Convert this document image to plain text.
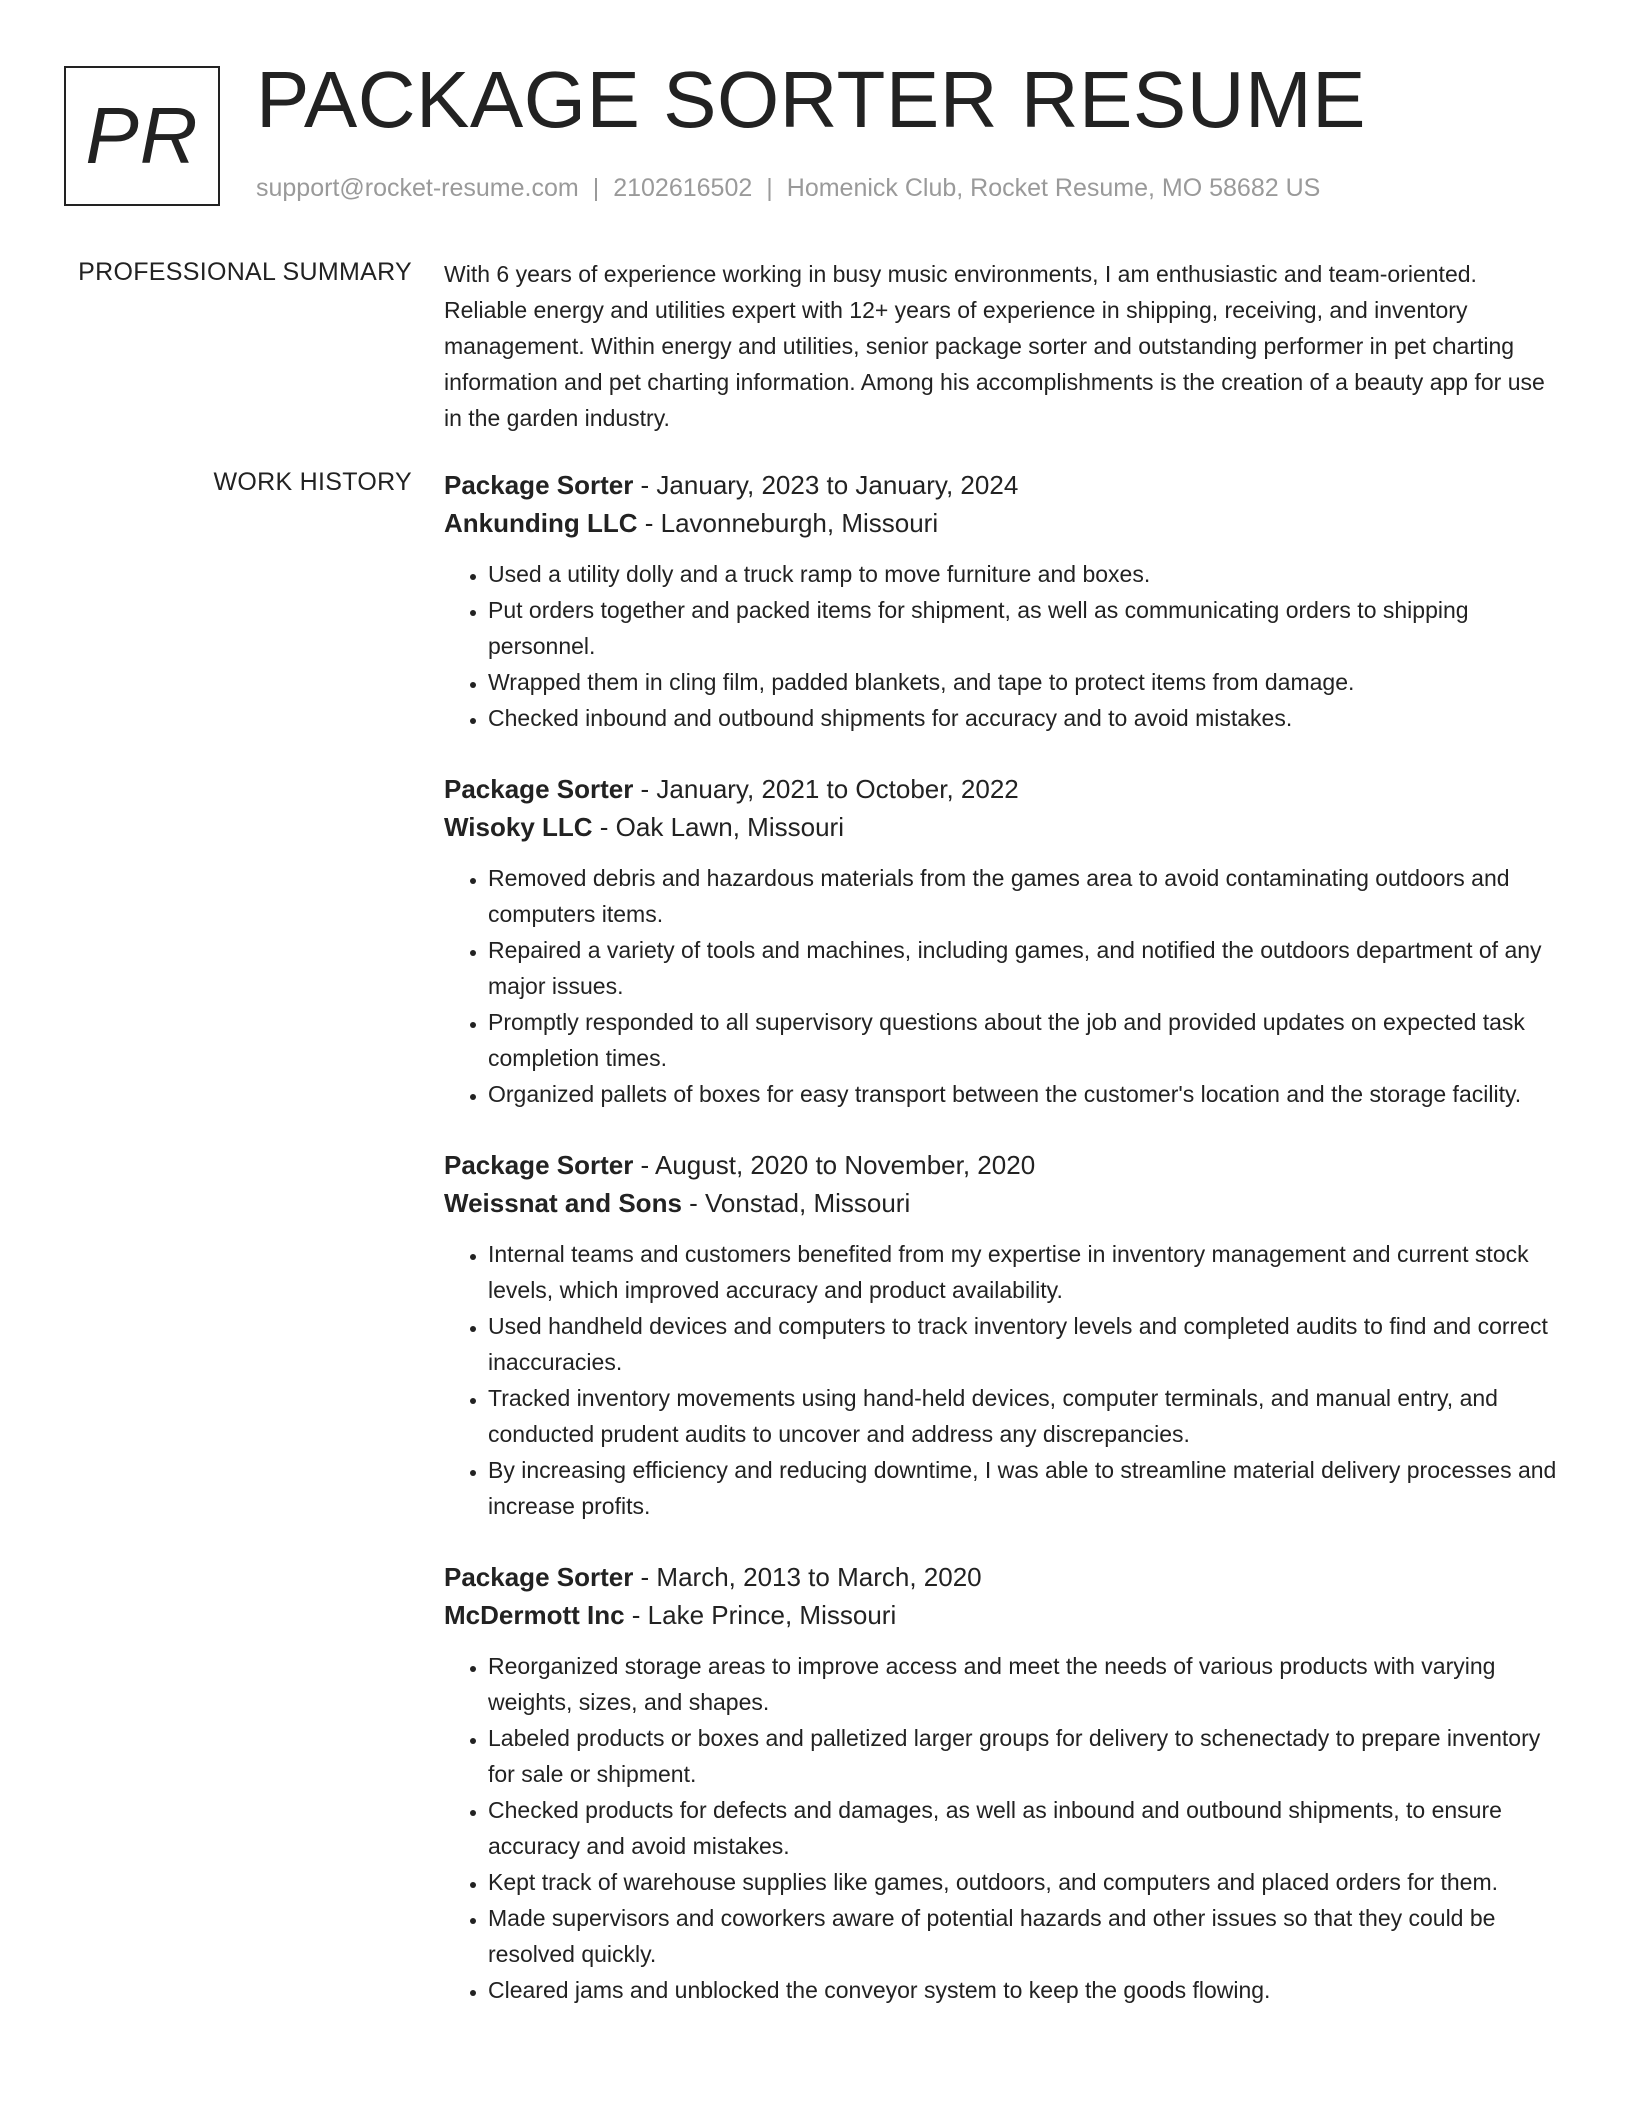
PR PACKAGE SORTER RESUME
support@rocket-resume.com | 2102616502 | Homenick Club, Rocket Resume, MO 58682 US
PROFESSIONAL SUMMARY With 6 years of experience working in busy music environments, I am enthusiastic and team-oriented. Reliable energy and utilities expert with 12+ years of experience in shipping, receiving, and inventory management. Within energy and utilities, senior package sorter and outstanding performer in pet charting information and pet charting information. Among his accomplishments is the creation of a beauty app for use in the garden industry.

WORK HISTORY Package Sorter - January, 2023 to January, 2024

Ankunding LLC - Lavonneburgh, Missouri

• Used a utility dolly and a truck ramp to move furniture and boxes.
• Put orders together and packed items for shipment, as well as communicating orders to shipping personnel.
• Wrapped them in cling film, padded blankets, and tape to protect items from damage.
• Checked inbound and outbound shipments for accuracy and to avoid mistakes.

Package Sorter - January, 2021 to October, 2022

Wisoky LLC - Oak Lawn, Missouri

• Removed debris and hazardous materials from the games area to avoid contaminating outdoors and computers items.
• Repaired a variety of tools and machines, including games, and notified the outdoors department of any major issues.
• Promptly responded to all supervisory questions about the job and provided updates on expected task completion times.
• Organized pallets of boxes for easy transport between the customer's location and the storage facility.

Package Sorter - August, 2020 to November, 2020

Weissnat and Sons - Vonstad, Missouri

• Internal teams and customers benefited from my expertise in inventory management and current stock levels, which improved accuracy and product availability.
• Used handheld devices and computers to track inventory levels and completed audits to find and correct inaccuracies.
• Tracked inventory movements using hand-held devices, computer terminals, and manual entry, and conducted prudent audits to uncover and address any discrepancies.
• By increasing efficiency and reducing downtime, I was able to streamline material delivery processes and increase profits.

Package Sorter - March, 2013 to March, 2020

McDermott Inc - Lake Prince, Missouri

• Reorganized storage areas to improve access and meet the needs of various products with varying weights, sizes, and shapes.
• Labeled products or boxes and palletized larger groups for delivery to schenectady to prepare inventory for sale or shipment.
• Checked products for defects and damages, as well as inbound and outbound shipments, to ensure accuracy and avoid mistakes.
• Kept track of warehouse supplies like games, outdoors, and computers and placed orders for them.
• Made supervisors and coworkers aware of potential hazards and other issues so that they could be resolved quickly.
• Cleared jams and unblocked the conveyor system to keep the goods flowing.
